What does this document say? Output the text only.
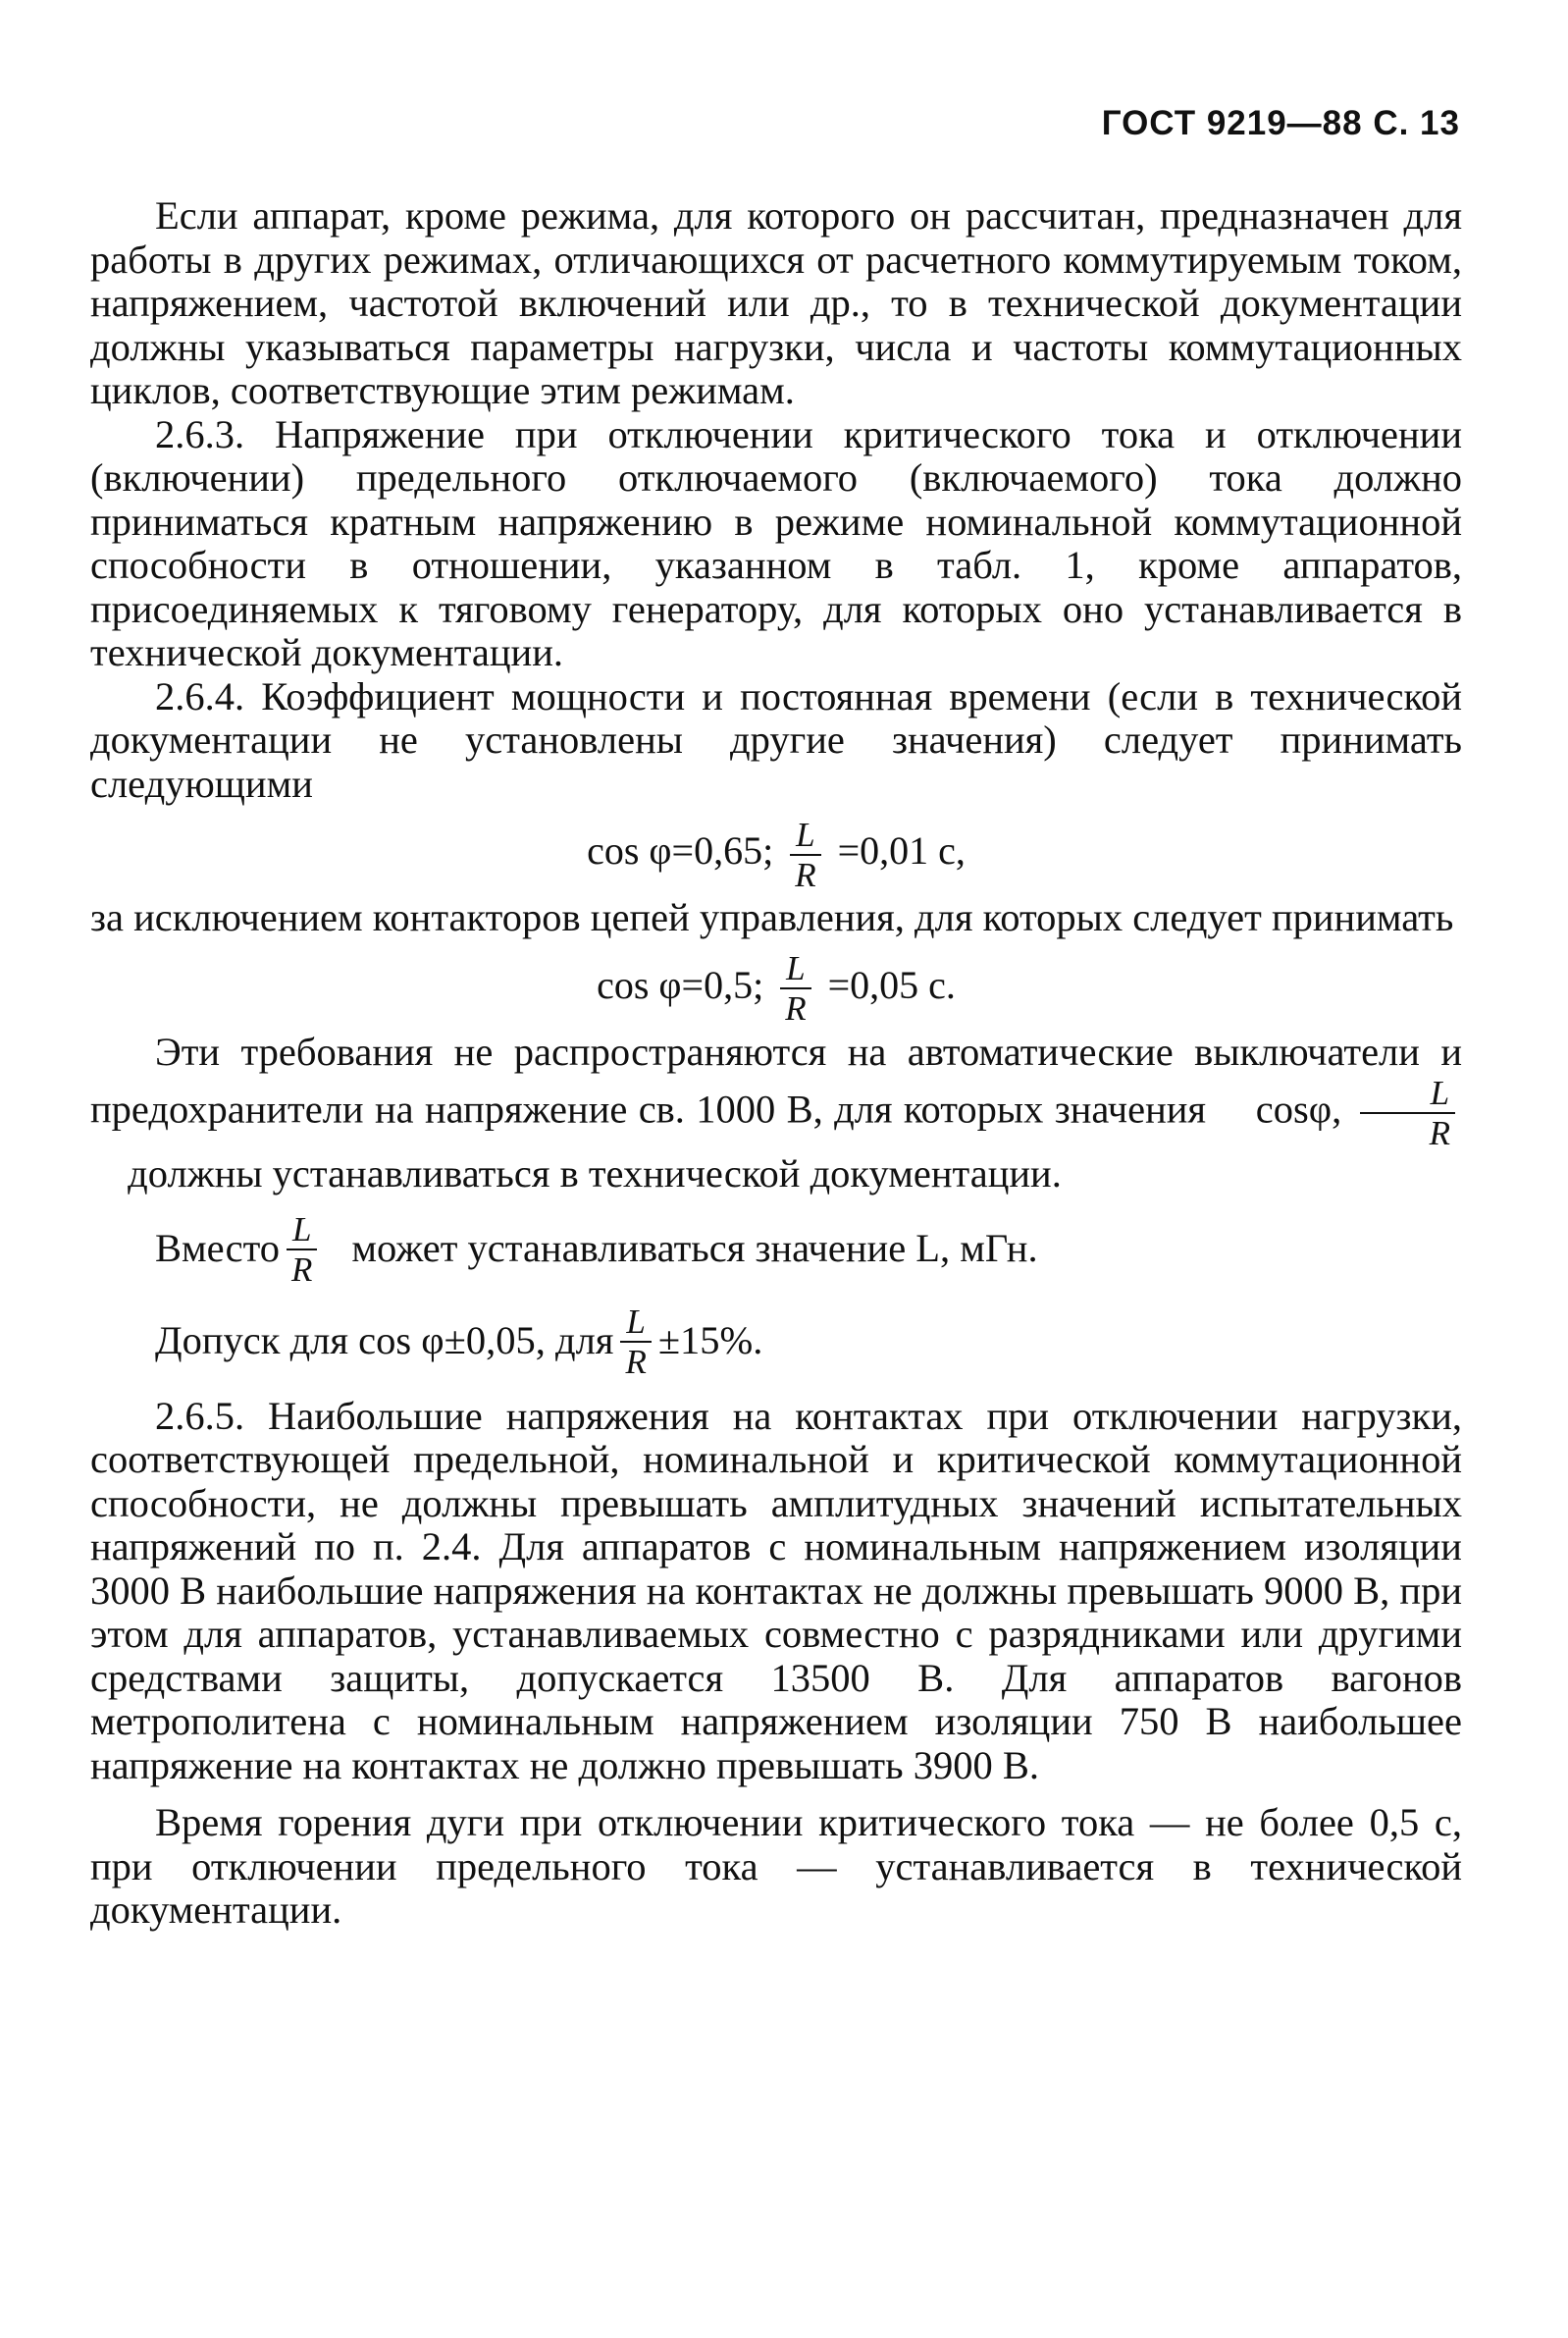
ГОСТ 9219—88 С. 13

Если аппарат, кроме режима, для которого он рассчитан, предназначен для работы в других режимах, отличающихся от расчетного коммутируемым током, напряжением, частотой включений или др., то в технической документации должны указываться параметры нагрузки, числа и частоты коммутационных циклов, соответствующие этим режимам.

2.6.3. Напряжение при отключении критического тока и отключении (включении) предельного отключаемого (включаемого) тока должно приниматься кратным напряжению в режиме номинальной коммутационной способности в отношении, указанном в табл. 1, кроме аппаратов, присоединяемых к тяговому генератору, для которых оно устанавливается в технической документации.

2.6.4. Коэффициент мощности и постоянная времени (если в технической документации не установлены другие значения) следует принимать следующими

cos φ=0,65; $\frac{L}{R} =0,01$ с,

за исключением контакторов цепей управления, для которых следует принимать

cos φ=0,5; $\frac{L}{R} =0,05$ с.

Эти требования не распространяются на автоматические выключатели и предохранители на напряжение св. 1000 В, для которых значения cosφ, $\frac{L}{R}$
должны устанавливаться в технической документации.

Вместо $\frac{L}{R}$ может устанавливаться значение L, мГн.

Допуск для cos φ±0,05, для $\frac{L}{R} \pm 15\%$.

2.6.5. Наибольшие напряжения на контактах при отключении нагрузки, соответствующей предельной, номинальной и критической коммутационной способности, не должны превышать амплитудных значений испытательных напряжений по п. 2.4. Для аппаратов с номинальным напряжением изоляции 3000 В наибольшие напряжения на контактах не должны превышать 9000 В, при этом для аппаратов, устанавливаемых совместно с разрядниками или другими средствами защиты, допускается 13500 В. Для аппаратов вагонов метрополитена с номинальным напряжением изоляции 750 В наибольшее напряжение на контактах не должно превышать 3900 В.

Время горения дуги при отключении критического тока — не более 0,5 с, при отключении предельного тока — устанавливается в технической документации.
